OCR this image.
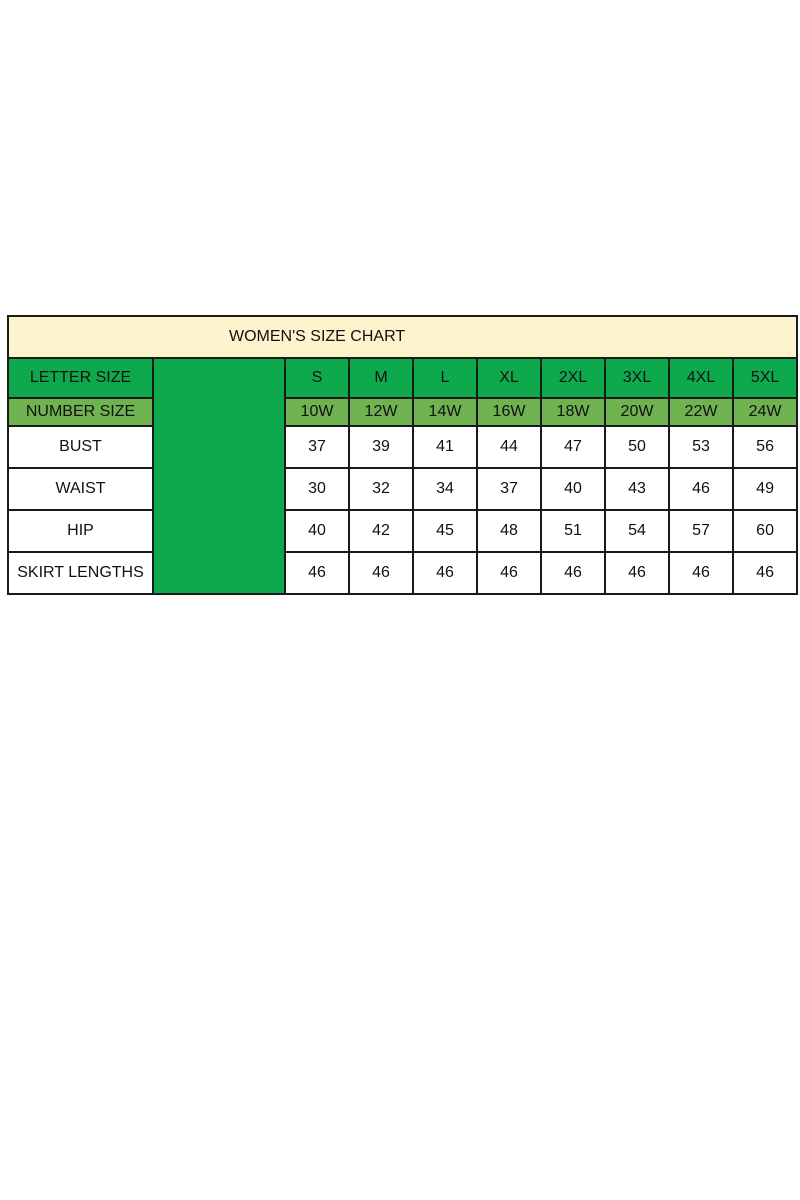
WOMEN'S SIZE CHART									
LETTER SIZE		S	M	L	XL	2XL	3XL	4XL	5XL
NUMBER SIZE		10W	12W	14W	16W	18W	20W	22W	24W
BUST		37	39	41	44	47	50	53	56
WAIST		30	32	34	37	40	43	46	49
HIP		40	42	45	48	51	54	57	60
SKIRT LENGTHS		46	46	46	46	46	46	46	46
